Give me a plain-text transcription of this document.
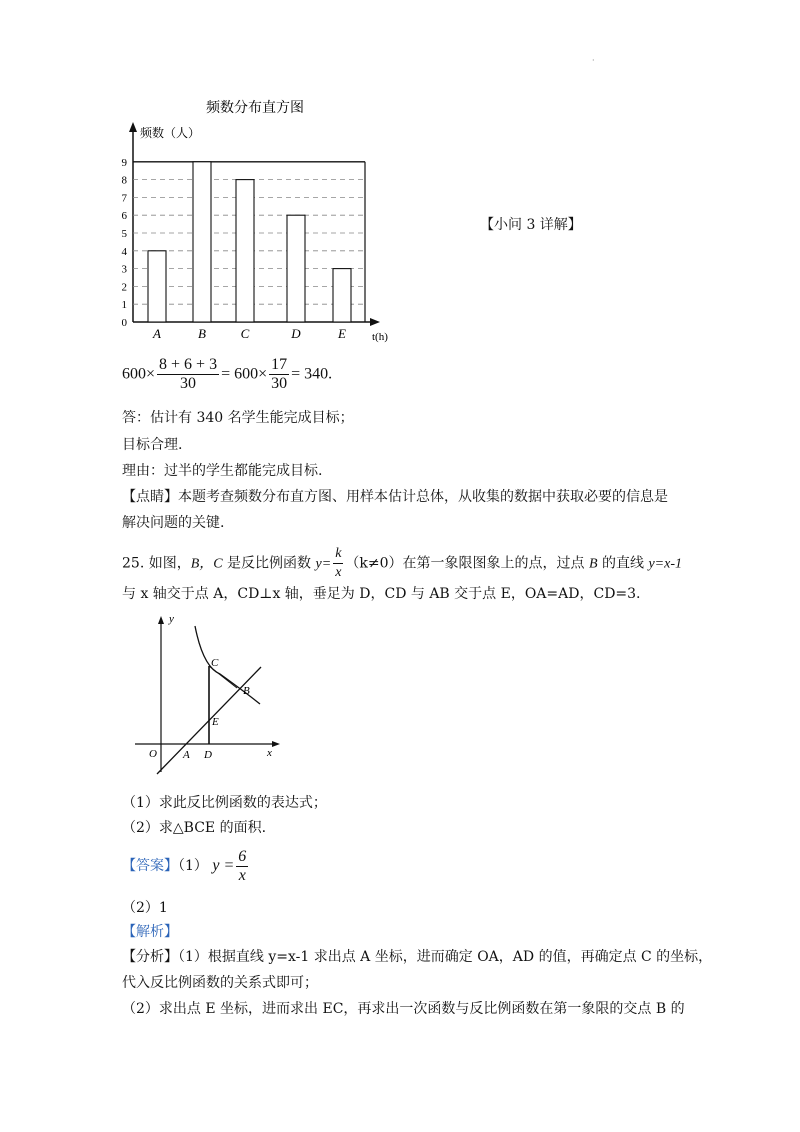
·
频数分布直方图
频数（人）
t(h)
0
1
2
3
4
5
6
7
8
9
A	B	C	D	E
【小问 3 详解】
$600\times \frac{8 + 6 + 3}{30} = 600\times \frac{17}{30} = 340$.
答：估计有 340 名学生能完成目标；
目标合理.
理由：过半的学生都能完成目标.
【点睛】本题考查频数分布直方图、用样本估计总体，从收集的数据中获取必要的信息是
解决问题的关键.
25. 如图，B，C 是反比例函数 $y= \frac{k}{x} (k\ne 0)$在第一象限图象上的点，过点 B 的直线 y=x-1
与 x 轴交于点 A，CD⊥x 轴，垂足为 D，CD 与 AB 交于点 E，OA=AD，CD=3.
y
x
O A D
E
C
B
（1）求此反比例函数的表达式；
（2）求△BCE 的面积.
【答案】（1） $y = \frac{6}{x}$
（2）1
【解析】
【分析】（1）根据直线 y=x-1 求出点 A 坐标，进而确定 OA，AD 的值，再确定点 C 的坐标，
代入反比例函数的关系式即可；
（2）求出点 E 坐标，进而求出 EC，再求出一次函数与反比例函数在第一象限的交点 B 的
